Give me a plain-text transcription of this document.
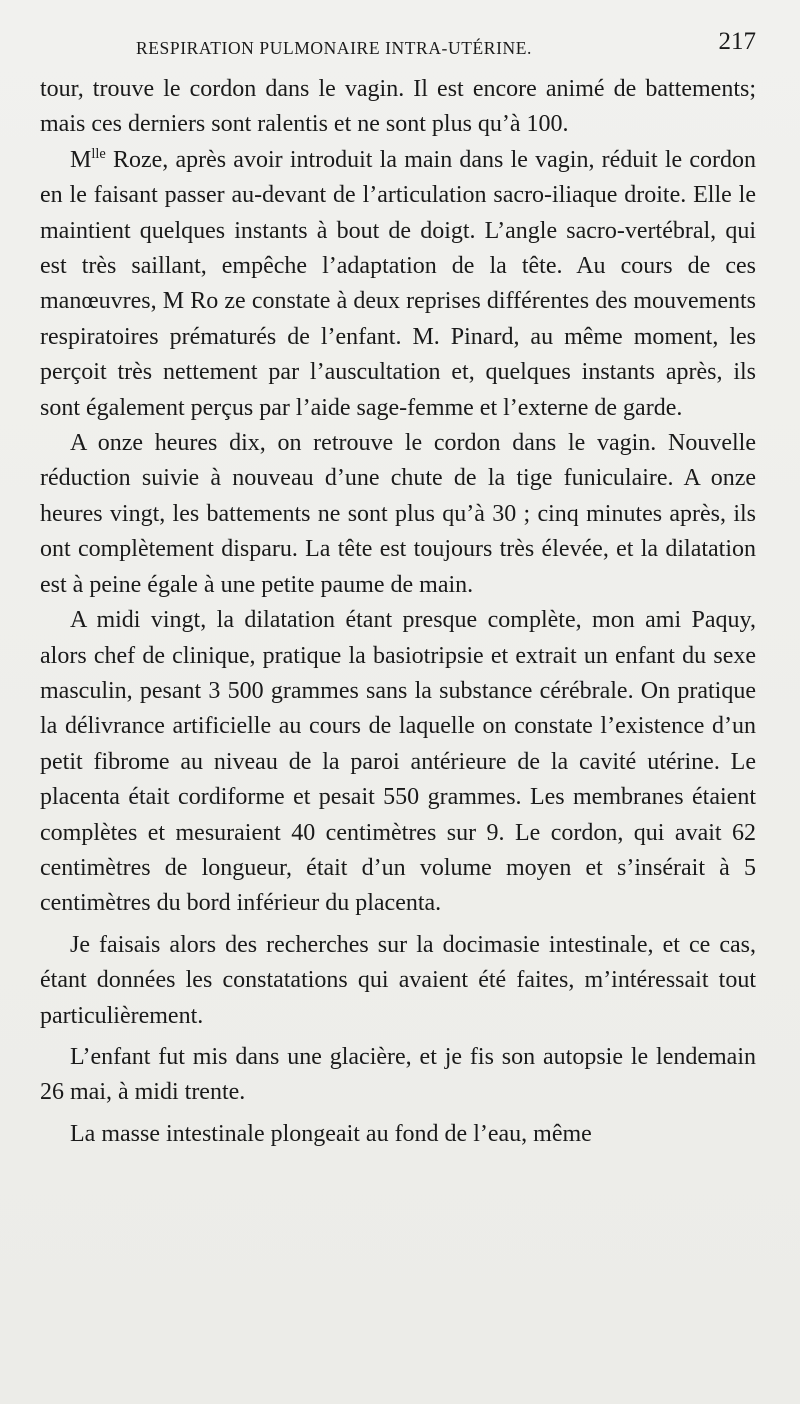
RESPIRATION PULMONAIRE INTRA-UTÉRINE.	217

tour, trouve le cordon dans le vagin. Il est encore animé de battements; mais ces derniers sont ralentis et ne sont plus qu’à 100.

$M^{lle}$ Roze, après avoir introduit la main dans le vagin, réduit le cordon en le faisant passer au-devant de l’articulation sacro-iliaque droite. Elle le maintient quelques instants à bout de doigt. L’angle sacro-vertébral, qui est très saillant, empêche l’adaptation de la tête. Au cours de ces manœuvres, M Ro ze constate à deux reprises différentes des mouvements respiratoires prématurés de l’enfant. M. Pinard, au même moment, les perçoit très nettement par l’auscultation et, quelques instants après, ils sont également perçus par l’aide sage-femme et l’externe de garde.

A onze heures dix, on retrouve le cordon dans le vagin. Nouvelle réduction suivie à nouveau d’une chute de la tige funiculaire. A onze heures vingt, les battements ne sont plus qu’à 30 ; cinq minutes après, ils ont complètement disparu. La tête est toujours très élevée, et la dilatation est à peine égale à une petite paume de main.

A midi vingt, la dilatation étant presque complète, mon ami Paquy, alors chef de clinique, pratique la basiotripsie et extrait un enfant du sexe masculin, pesant 3 500 grammes sans la substance cérébrale. On pratique la délivrance artificielle au cours de laquelle on constate l’existence d’un petit fibrome au niveau de la paroi antérieure de la cavité utérine. Le placenta était cordiforme et pesait 550 grammes. Les membranes étaient complètes et mesuraient 40 centimètres sur 9. Le cordon, qui avait 62 centimètres de longueur, était d’un volume moyen et s’insérait à 5 centimètres du bord inférieur du placenta.

Je faisais alors des recherches sur la docimasie intestinale, et ce cas, étant données les constatations qui avaient été faites, m’intéressait tout particulièrement.

L’enfant fut mis dans une glacière, et je fis son autopsie le lendemain 26 mai, à midi trente.

La masse intestinale plongeait au fond de l’eau, même
